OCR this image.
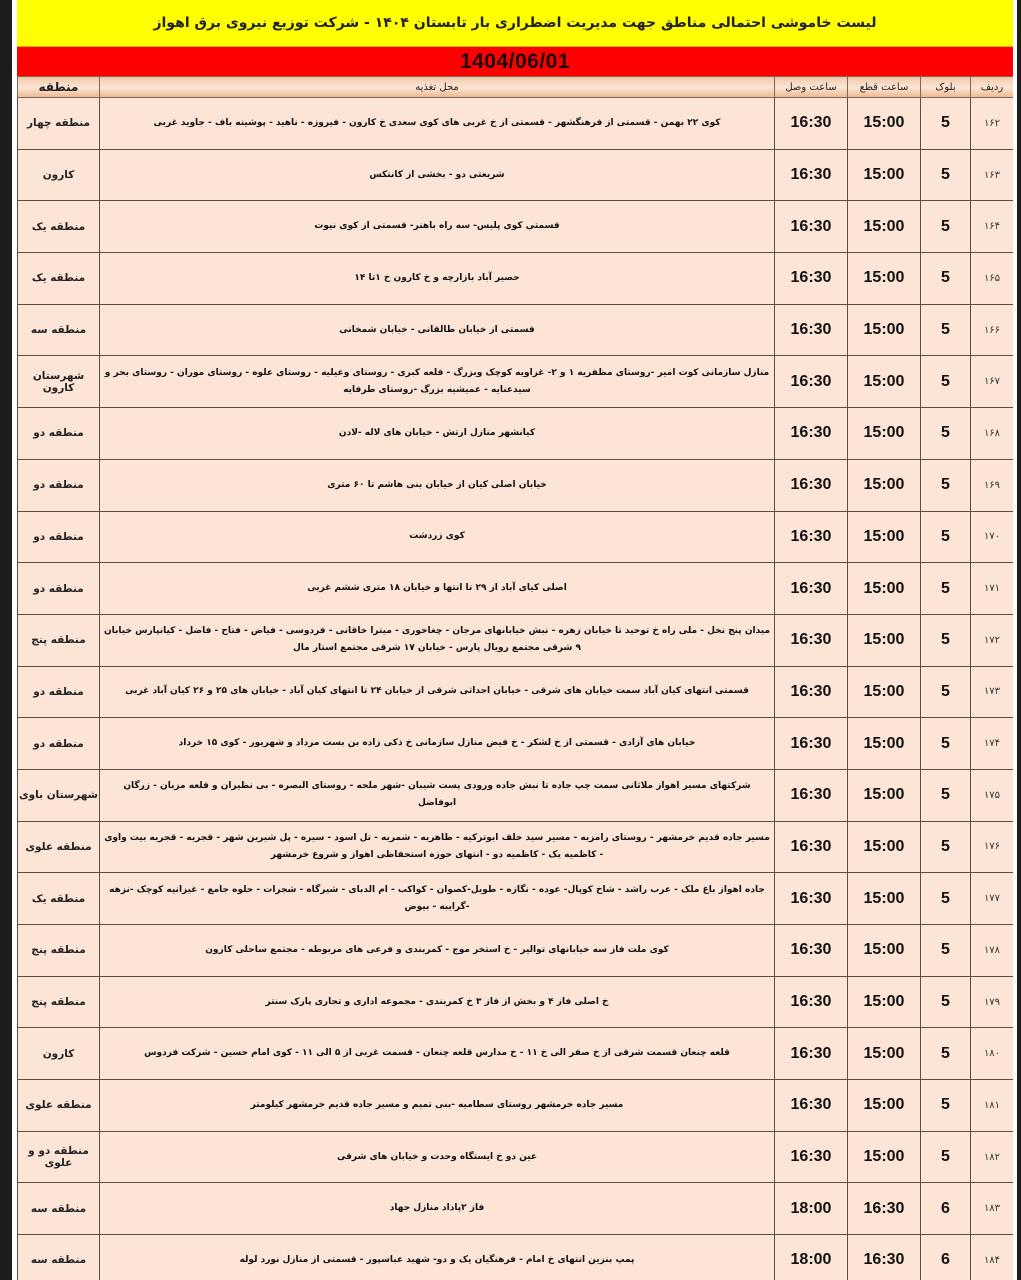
لیست خاموشی احتمالی مناطق جهت مدیریت اضطراری بار تابستان ۱۴۰۴ - شرکت توزیع نیروی برق اهواز
1404/06/01
ردیف	بلوک	ساعت قطع	ساعت وصل	محل تغذیه	منطقه
۱۶۲	5	15:00	16:30	کوی ۲۲ بهمن - قسمتی از فرهنگشهر - قسمتی از خ غربی های کوی سعدی خ کارون - فیروزه - ناهید - پوشینه باف - جاوید غربی	منطقه چهار
۱۶۳	5	15:00	16:30	شریعتی دو - بخشی از کانتکس	کارون
۱۶۴	5	15:00	16:30	قسمتی کوی پلیس- سه راه باهنر- قسمتی از کوی نیوت	منطقه یک
۱۶۵	5	15:00	16:30	حصیر آباد بازارچه و خ کارون خ ۱تا ۱۴	منطقه یک
۱۶۶	5	15:00	16:30	قسمتی از خیابان طالقانی - خیابان شمخانی	منطقه سه
۱۶۷	5	15:00	16:30	منازل سازمانی کوت امیر -روستای مظفریه ۱ و ۲- غزاویه کوچک وبزرگ - قلعه کبری - روستای وعیلیه - روستای علوه - روستای موران - روستای بحر و سیدعنایه - عمیشیه بزرگ -روستای طرفایه	شهرستان کارون
۱۶۸	5	15:00	16:30	کیانشهر منازل ارتش - خیابان های لاله -لادن	منطقه دو
۱۶۹	5	15:00	16:30	خیابان اصلی کیان از خیابان بنی هاشم تا ۶۰ متری	منطقه دو
۱۷۰	5	15:00	16:30	کوی زردشت	منطقه دو
۱۷۱	5	15:00	16:30	اصلی کیای آباد از ۲۹ تا انتها و خیابان ۱۸ متری ششم غربی	منطقه دو
۱۷۲	5	15:00	16:30	میدان پنج نخل - ملی راه خ توحید تا خیابان زهره - نبش خیابانهای مرجان - چغاخوری - میترا خاقانی - فردوسی - فیاض - فتاح - فاضل - کیانپارس خیابان ۹ شرقی مجتمع رویال پارس - خیابان ۱۷ شرقی مجتمع استار مال	منطقه پنج
۱۷۳	5	15:00	16:30	قسمتی انتهای کیان آباد سمت خیابان های شرقی - خیابان احداثی شرقی از خیابان ۲۴ تا انتهای کیان آباد - خیابان های ۲۵ و ۲۶ کیان آباد غربی	منطقه دو
۱۷۴	5	15:00	16:30	خیابان های آزادی - قسمتی از خ لشکر - خ فیض منازل سازمانی خ ذکی زاده بن بست مرداد و شهریور - کوی ۱۵ خرداد	منطقه دو
۱۷۵	5	15:00	16:30	شرکتهای مسیر اهواز ملاثانی سمت چپ جاده تا نبش جاده ورودی پست شیبان -شهر ملحه - روستای البصره - بی نظیران و قلعه مزبان - زرگان ابوفاضل	شهرستان باوی
۱۷۶	5	15:00	16:30	مسیر جاده قدیم خرمشهر - روستای رامزیه - مسیر سید خلف ابوترکیه - طاهریه - شمریه - تل اسود - سیره - پل شیرین شهر - قجریه - قجریه بیت واوی - کاظمیه یک - کاظمیه دو - انتهای حوزه استحفاظی اهواز و شروع خرمشهر	منطقه علوی
۱۷۷	5	15:00	16:30	جاده اهواز باغ ملک - عرب راشد - شاخ کوپال- عوده - نگازه - طویل-کصوان - کواکب - ام الدبای - شیرگاه - شجرات - حلوه جامع - غیزانیه کوچک -نزهه -گرایبه - بیوض	منطقه یک
۱۷۸	5	15:00	16:30	کوی ملت فاز سه خیابانهای توالیر - خ استخر موج - کمربندی و فرعی های مربوطه - مجتمع ساحلی کارون	منطقه پنج
۱۷۹	5	15:00	16:30	خ اصلی فاز ۴ و بخش از فاز ۳ خ کمربندی - مجموعه اداری و تجاری پارک سنتر	منطقه پنج
۱۸۰	5	15:00	16:30	قلعه چنعان قسمت شرقی از خ صفر الی خ ۱۱ - خ مدارس قلعه چنعان - قسمت غربی از ۵ الی ۱۱ - کوی امام حسین - شرکت فردوس	کارون
۱۸۱	5	15:00	16:30	مسیر جاده خرمشهر روستای سطامیه -بنی تمیم و مسیر جاده قدیم خرمشهر کیلومتر	منطقه علوی
۱۸۲	5	15:00	16:30	عین دو خ ایستگاه وحدت و خیابان های شرقی	منطقه دو و علوی
۱۸۳	6	16:30	18:00	فاز ۲پاداد منازل جهاد	منطقه سه
۱۸۴	6	16:30	18:00	پمپ بنزین انتهای خ امام - فرهنگیان یک و دو- شهید عباسپور - قسمتی از منازل نورد لوله	منطقه سه
